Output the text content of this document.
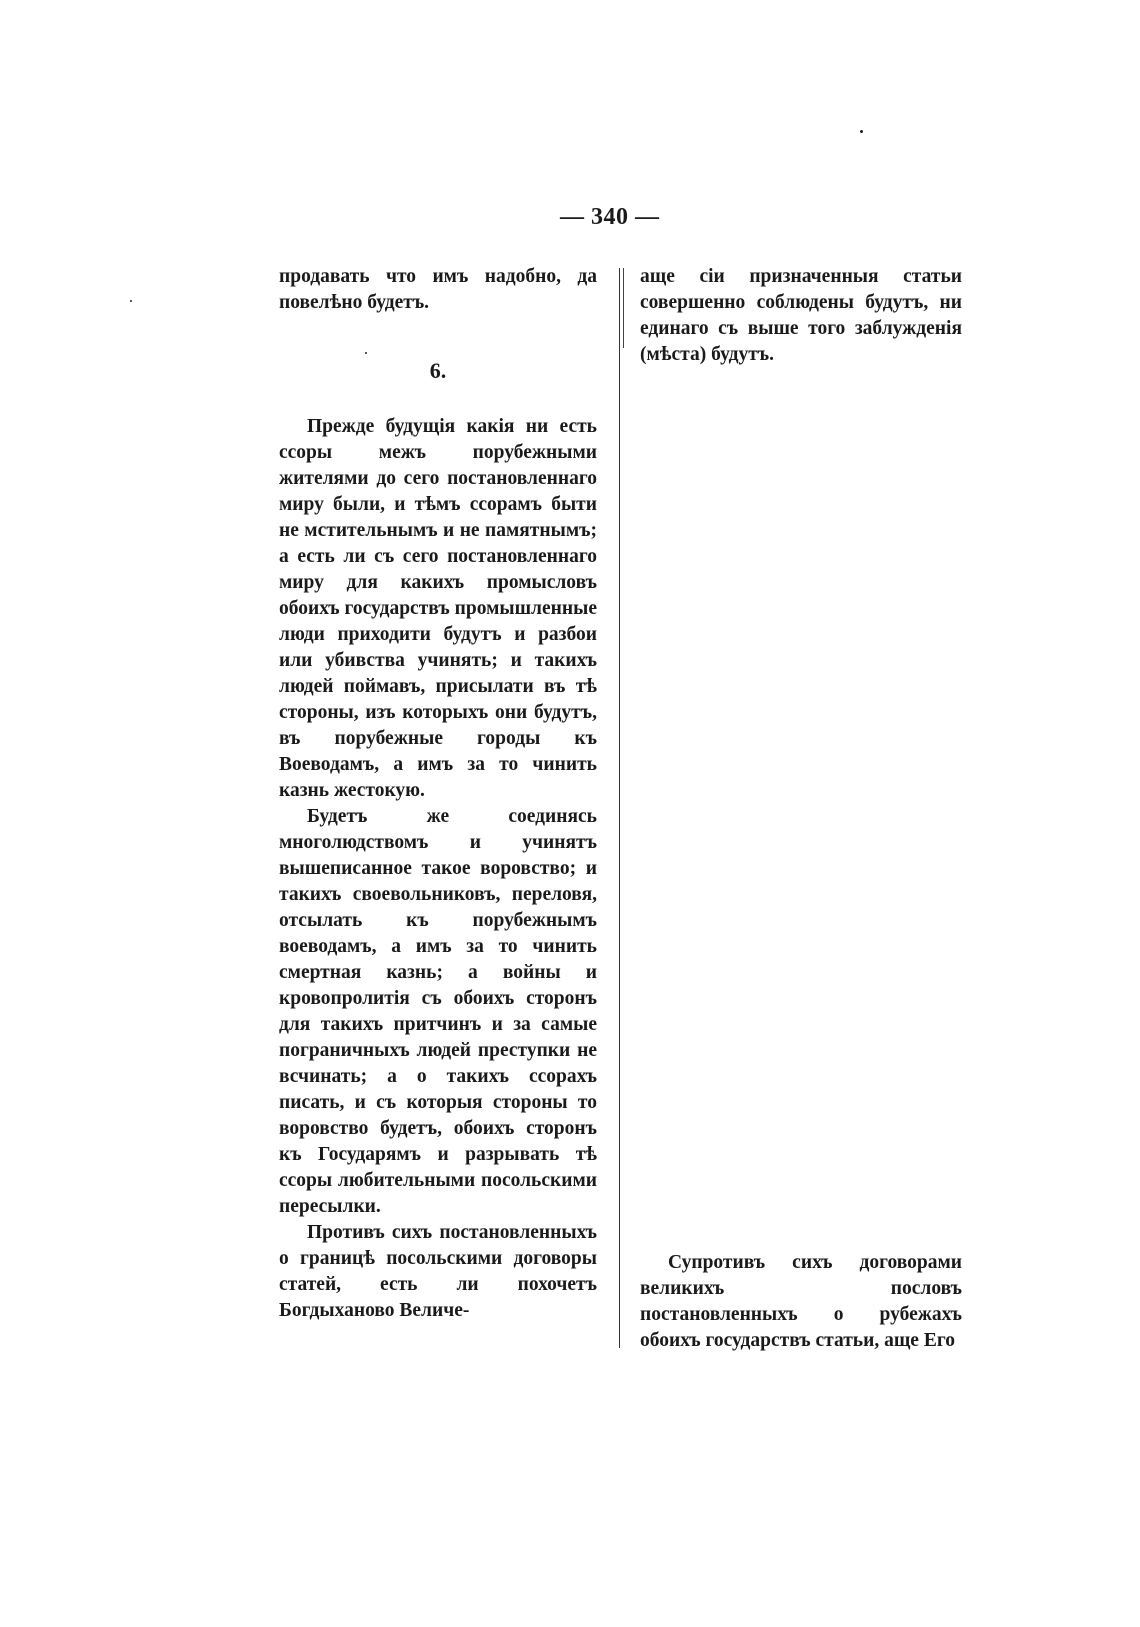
— 340 —

продавать что имъ надобно, да повелѣно будетъ.

6.

Прежде будущія какія ни есть ссоры межъ порубежными жителями до сего постановленнаго миру были, и тѣмъ ссорамъ быти не мстительнымъ и не памятнымъ; а есть ли съ сего постановленнаго миру для какихъ промысловъ обоихъ государствъ промышленные люди приходити будутъ и разбои или убивства учинять; и такихъ людей поймавъ, присылати въ тѣ стороны, изъ которыхъ они будутъ, въ порубежные городы къ Воеводамъ, а имъ за то чинить казнь жестокую.

Будетъ же соединясь многолюдствомъ и учинятъ вышеписанное такое воровство; и такихъ своевольниковъ, переловя, отсылать къ порубежнымъ воеводамъ, а имъ за то чинить смертная казнь; а войны и кровопролитія съ обоихъ сторонъ для такихъ притчинъ и за самые пограничныхъ людей преступки не всчинать; а о такихъ ссорахъ писать, и съ которыя стороны то воровство будетъ, обоихъ сторонъ къ Государямъ и разрывать тѣ ссоры любительными посольскими пересылки.

Противъ сихъ постановленныхъ о границѣ посольскими договоры статей, есть ли похочетъ Богдыханово Величе-

аще сіи призначенныя статьи совершенно соблюдены будутъ, ни единаго съ выше того заблужденія (мѣста) будутъ.

Супротивъ сихъ договорами великихъ пословъ постановленныхъ о рубежахъ обоихъ государствъ статьи, аще Его
